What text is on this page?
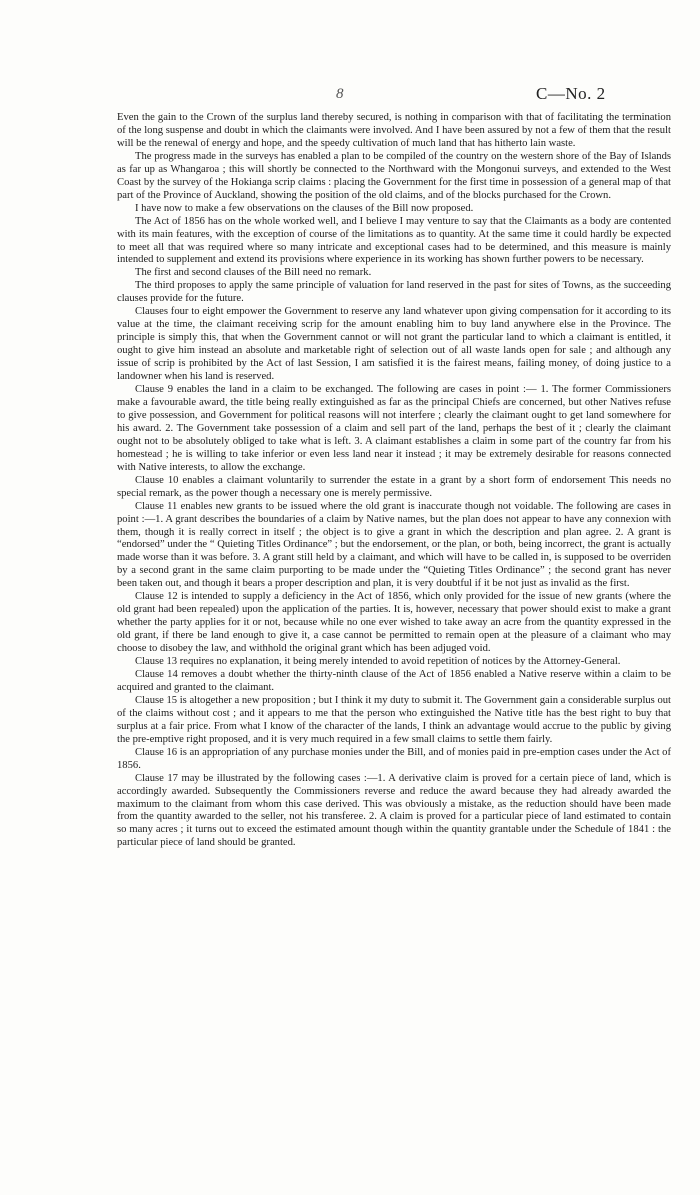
8	C—No. 2

Even the gain to the Crown of the surplus land thereby secured, is nothing in comparison with that of facilitating the termination of the long suspense and doubt in which the claimants were involved. And I have been assured by not a few of them that the result will be the renewal of energy and hope, and the speedy cultivation of much land that has hitherto lain waste.

The progress made in the surveys has enabled a plan to be compiled of the country on the western shore of the Bay of Islands as far up as Whangaroa ; this will shortly be connected to the Northward with the Mongonui surveys, and extended to the West Coast by the survey of the Hokianga scrip claims : placing the Government for the first time in possession of a general map of that part of the Province of Auckland, showing the position of the old claims, and of the blocks purchased for the Crown.

I have now to make a few observations on the clauses of the Bill now proposed.

The Act of 1856 has on the whole worked well, and I believe I may venture to say that the Claimants as a body are contented with its main features, with the exception of course of the limitations as to quantity. At the same time it could hardly be expected to meet all that was required where so many intricate and exceptional cases had to be determined, and this measure is mainly intended to supplement and extend its provisions where experience in its working has shown further powers to be necessary.

The first and second clauses of the Bill need no remark.

The third proposes to apply the same principle of valuation for land reserved in the past for sites of Towns, as the succeeding clauses provide for the future.

Clauses four to eight empower the Government to reserve any land whatever upon giving compensation for it according to its value at the time, the claimant receiving scrip for the amount enabling him to buy land anywhere else in the Province. The principle is simply this, that when the Government cannot or will not grant the particular land to which a claimant is entitled, it ought to give him instead an absolute and marketable right of selection out of all waste lands open for sale ; and although any issue of scrip is prohibited by the Act of last Session, I am satisfied it is the fairest means, failing money, of doing justice to a landowner when his land is reserved.

Clause 9 enables the land in a claim to be exchanged. The following are cases in point :— 1. The former Commissioners make a favourable award, the title being really extinguished as far as the principal Chiefs are concerned, but other Natives refuse to give possession, and Government for political reasons will not interfere ; clearly the claimant ought to get land somewhere for his award. 2. The Government take possession of a claim and sell part of the land, perhaps the best of it ; clearly the claimant ought not to be absolutely obliged to take what is left. 3. A claimant establishes a claim in some part of the country far from his homestead ; he is willing to take inferior or even less land near it instead ; it may be extremely desirable for reasons connected with Native interests, to allow the exchange.

Clause 10 enables a claimant voluntarily to surrender the estate in a grant by a short form of endorsement This needs no special remark, as the power though a necessary one is merely permissive.

Clause 11 enables new grants to be issued where the old grant is inaccurate though not voidable. The following are cases in point :—1. A grant describes the boundaries of a claim by Native names, but the plan does not appear to have any connexion with them, though it is really correct in itself ; the object is to give a grant in which the description and plan agree. 2. A grant is “endorsed” under the “ Quieting Titles Ordinance” ; but the endorsement, or the plan, or both, being incorrect, the grant is actually made worse than it was before. 3. A grant still held by a claimant, and which will have to be called in, is supposed to be overriden by a second grant in the same claim purporting to be made under the “Quieting Titles Ordinance” ; the second grant has never been taken out, and though it bears a proper description and plan, it is very doubtful if it be not just as invalid as the first.

Clause 12 is intended to supply a deficiency in the Act of 1856, which only provided for the issue of new grants (where the old grant had been repealed) upon the application of the parties. It is, however, necessary that power should exist to make a grant whether the party applies for it or not, because while no one ever wished to take away an acre from the quantity expressed in the old grant, if there be land enough to give it, a case cannot be permitted to remain open at the pleasure of a claimant who may choose to disobey the law, and withhold the original grant which has been adjuged void.

Clause 13 requires no explanation, it being merely intended to avoid repetition of notices by the Attorney-General.

Clause 14 removes a doubt whether the thirty-ninth clause of the Act of 1856 enabled a Native reserve within a claim to be acquired and granted to the claimant.

Clause 15 is altogether a new proposition ; but I think it my duty to submit it. The Government gain a considerable surplus out of the claims without cost ; and it appears to me that the person who extinguished the Native title has the best right to buy that surplus at a fair price. From what I know of the character of the lands, I think an advantage would accrue to the public by giving the pre-emptive right proposed, and it is very much required in a few small claims to settle them fairly.

Clause 16 is an appropriation of any purchase monies under the Bill, and of monies paid in pre-emption cases under the Act of 1856.

Clause 17 may be illustrated by the following cases :—1. A derivative claim is proved for a certain piece of land, which is accordingly awarded. Subsequently the Commissioners reverse and reduce the award because they had already awarded the maximum to the claimant from whom this case derived. This was obviously a mistake, as the reduction should have been made from the quantity awarded to the seller, not his transferee. 2. A claim is proved for a particular piece of land estimated to contain so many acres ; it turns out to exceed the estimated amount though within the quantity grantable under the Schedule of 1841 : the particular piece of land should be granted.
